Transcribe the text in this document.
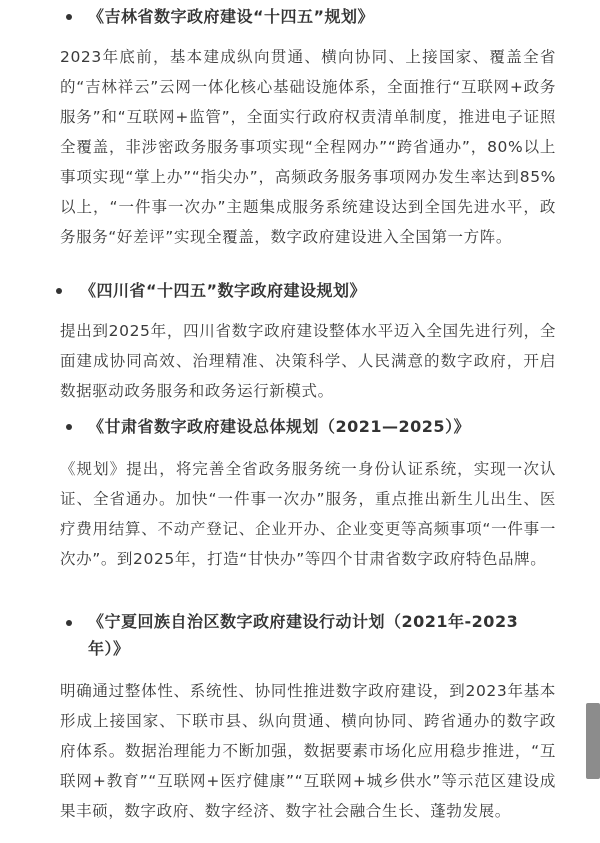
《吉林省数字政府建设“十四五”规划》

2023年底前，基本建成纵向贯通、横向协同、上接国家、覆盖全省的“吉林祥云”云网一体化核心基础设施体系，全面推行“互联网+政务服务”和“互联网+监管”，全面实行政府权责清单制度，推进电子证照全覆盖，非涉密政务服务事项实现“全程网办”“跨省通办”，80%以上事项实现“掌上办”“指尖办”，高频政务服务事项网办发生率达到85%以上，“一件事一次办”主题集成服务系统建设达到全国先进水平，政务服务“好差评”实现全覆盖，数字政府建设进入全国第一方阵。

《四川省“十四五”数字政府建设规划》

提出到2025年，四川省数字政府建设整体水平迈入全国先进行列，全面建成协同高效、治理精准、决策科学、人民满意的数字政府，开启数据驱动政务服务和政务运行新模式。

《甘肃省数字政府建设总体规划（2021—2025）》

《规划》提出，将完善全省政务服务统一身份认证系统，实现一次认证、全省通办。加快“一件事一次办”服务，重点推出新生儿出生、医疗费用结算、不动产登记、企业开办、企业变更等高频事项“一件事一次办”。到2025年，打造“甘快办”等四个甘肃省数字政府特色品牌。

《宁夏回族自治区数字政府建设行动计划（2021年-2023
年）》

明确通过整体性、系统性、协同性推进数字政府建设，到2023年基本形成上接国家、下联市县、纵向贯通、横向协同、跨省通办的数字政府体系。数据治理能力不断加强，数据要素市场化应用稳步推进，“互联网+教育”“互联网+医疗健康”“互联网+城乡供水”等示范区建设成果丰硕，数字政府、数字经济、数字社会融合生长、蓬勃发展。
